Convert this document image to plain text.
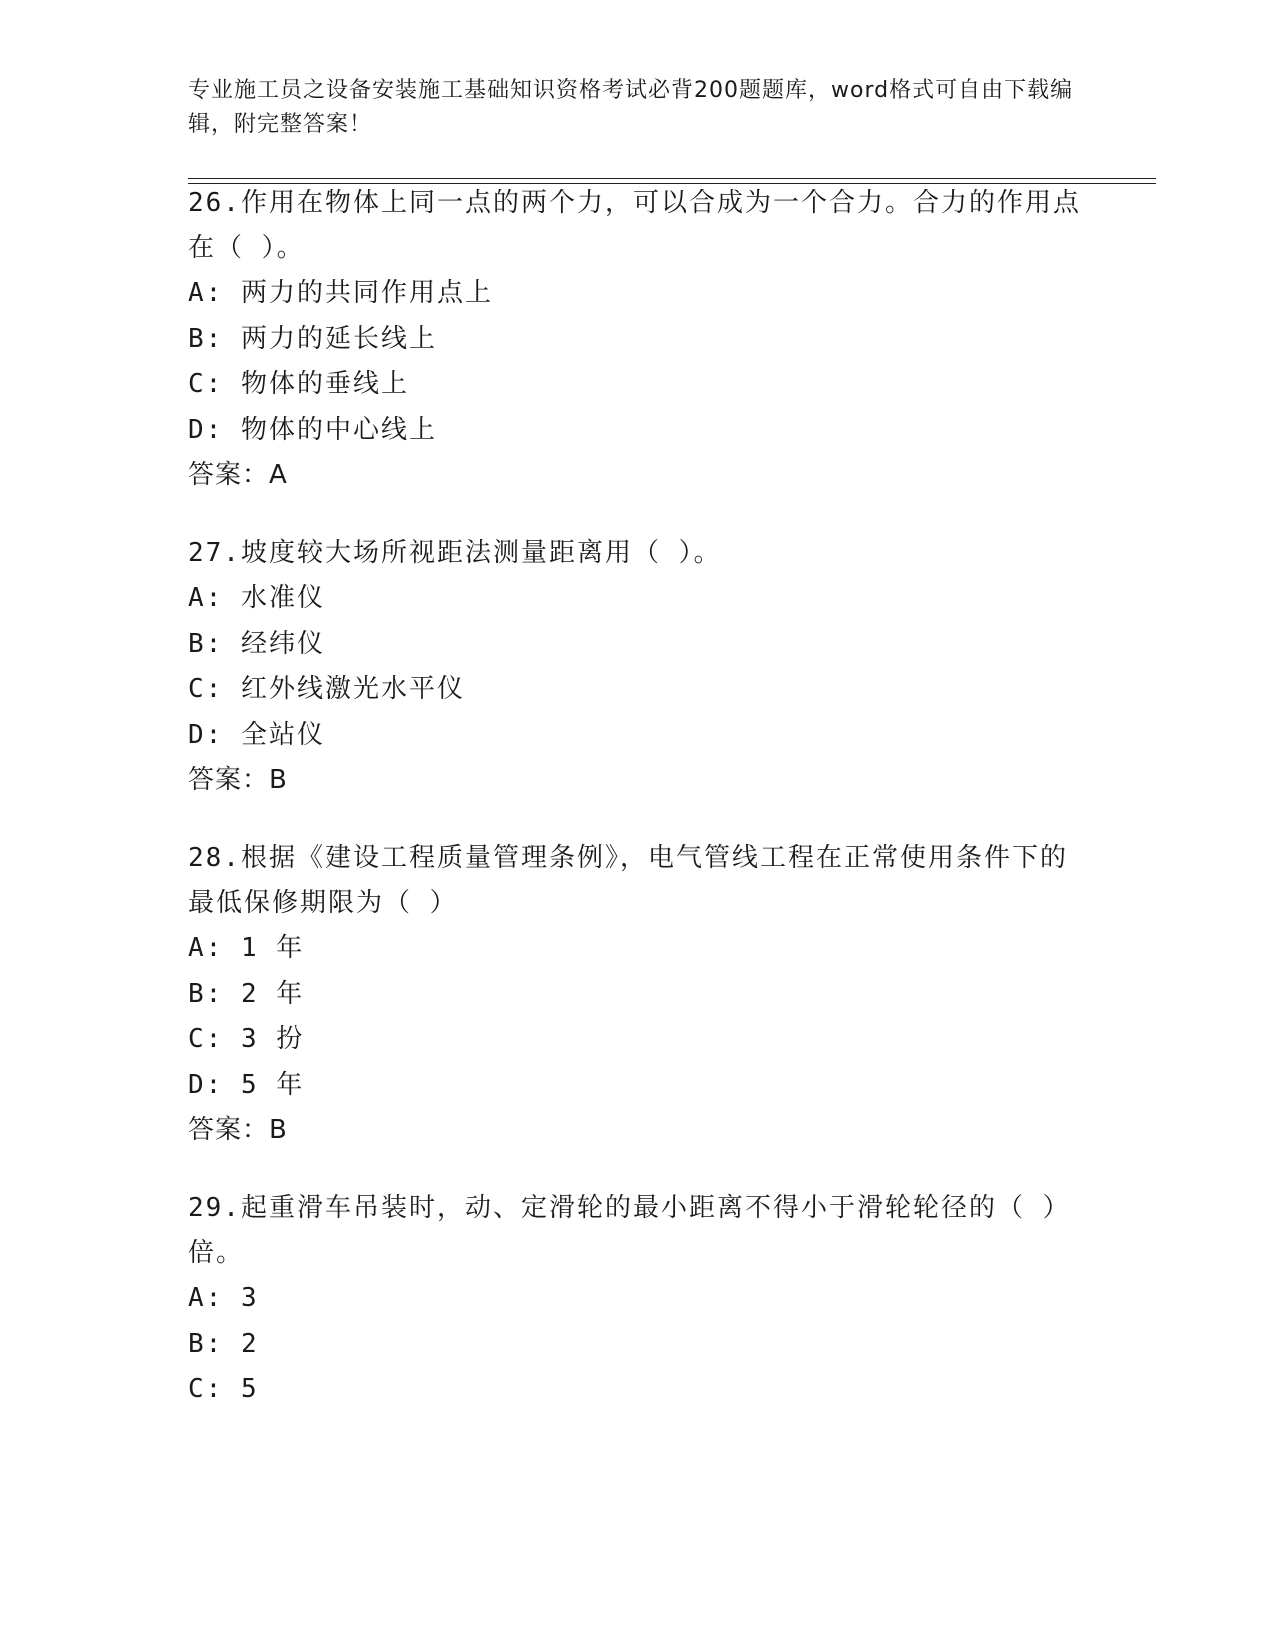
专业施工员之设备安装施工基础知识资格考试必背200题题库，word格式可自由下载编辑，附完整答案！
26.作用在物体上同一点的两个力，可以合成为一个合力。合力的作用点在（ ）。
A: 两力的共同作用点上
B: 两力的延长线上
C: 物体的垂线上
D: 物体的中心线上
答案：A
27.坡度较大场所视距法测量距离用（ ）。
A: 水准仪
B: 经纬仪
C: 红外线激光水平仪
D: 全站仪
答案：B
28.根据《建设工程质量管理条例》，电气管线工程在正常使用条件下的最低保修期限为（ ）
A: 1 年
B: 2 年
C: 3 扮
D: 5 年
答案：B
29.起重滑车吊装时，动、定滑轮的最小距离不得小于滑轮轮径的（ ）倍。
A: 3
B: 2
C: 5
